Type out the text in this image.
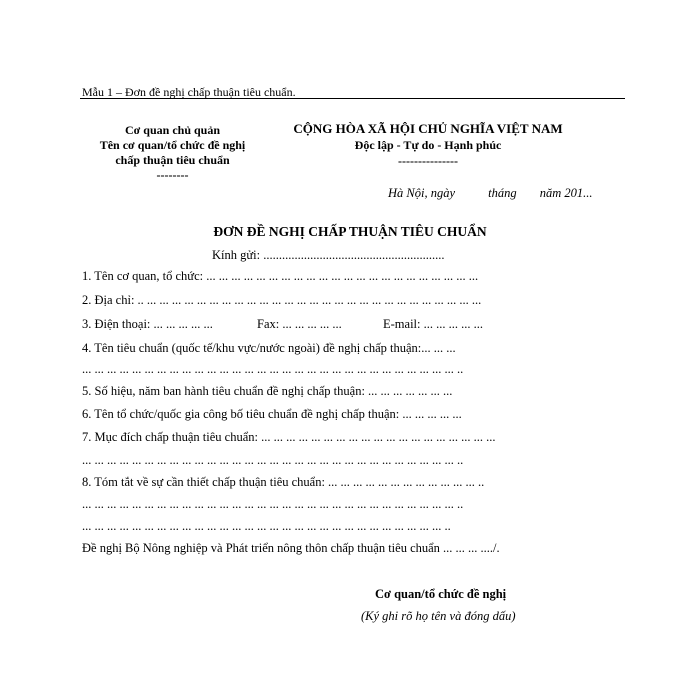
Mẫu 1 – Đơn đề nghị chấp thuận tiêu chuẩn.
Cơ quan chủ quản
Tên cơ quan/tổ chức đề nghị
chấp thuận tiêu chuẩn
--------
CỘNG HÒA XÃ HỘI CHỦ NGHĨA VIỆT NAM
Độc lập - Tự do - Hạnh phúc
---------------
Hà Nội, ngày	tháng năm 201...
ĐƠN ĐỀ NGHỊ CHẤP THUẬN TIÊU CHUẨN
Kính gửi: ..........................................................
1. Tên cơ quan, tổ chức: ... ... ... ... ... ... ... ... ... ... ... ... ... ... ... ... ... ... ... ... ... ...
2. Địa chỉ: .. ... ... ... ... ... ... ... ... ... ... ... ... ... ... ... ... ... ... ... ... ... ... ... ... ... ... ...
3. Điện thoại: ... ... ... ... ...	Fax: ... ... ... ... ...	E-mail: ... ... ... ... ...
4. Tên tiêu chuẩn (quốc tế/khu vực/nước ngoài) đề nghị chấp thuận:... ... ...
... ... ... ... ... ... ... ... ... ... ... ... ... ... ... ... ... ... ... ... ... ... ... ... ... ... ... ... ... ... ..
5. Số hiệu, năm ban hành tiêu chuẩn đề nghị chấp thuận: ... ... ... ... ... ... ...
6. Tên tổ chức/quốc gia công bố tiêu chuẩn đề nghị chấp thuận: ... ... ... ... ...
7. Mục đích chấp thuận tiêu chuẩn: ... ... ... ... ... ... ... ... ... ... ... ... ... ... ... ... ... ... ...
... ... ... ... ... ... ... ... ... ... ... ... ... ... ... ... ... ... ... ... ... ... ... ... ... ... ... ... ... ... ..
8. Tóm tắt về sự cần thiết chấp thuận tiêu chuẩn: ... ... ... ... ... ... ... ... ... ... ... ... ..
... ... ... ... ... ... ... ... ... ... ... ... ... ... ... ... ... ... ... ... ... ... ... ... ... ... ... ... ... ... ..
... ... ... ... ... ... ... ... ... ... ... ... ... ... ... ... ... ... ... ... ... ... ... ... ... ... ... ... ... ..
Đề nghị Bộ Nông nghiệp và Phát triển nông thôn chấp thuận tiêu chuẩn ... ... ... ..../.
Cơ quan/tổ chức đề nghị
(Ký ghi rõ họ tên và đóng dấu)
